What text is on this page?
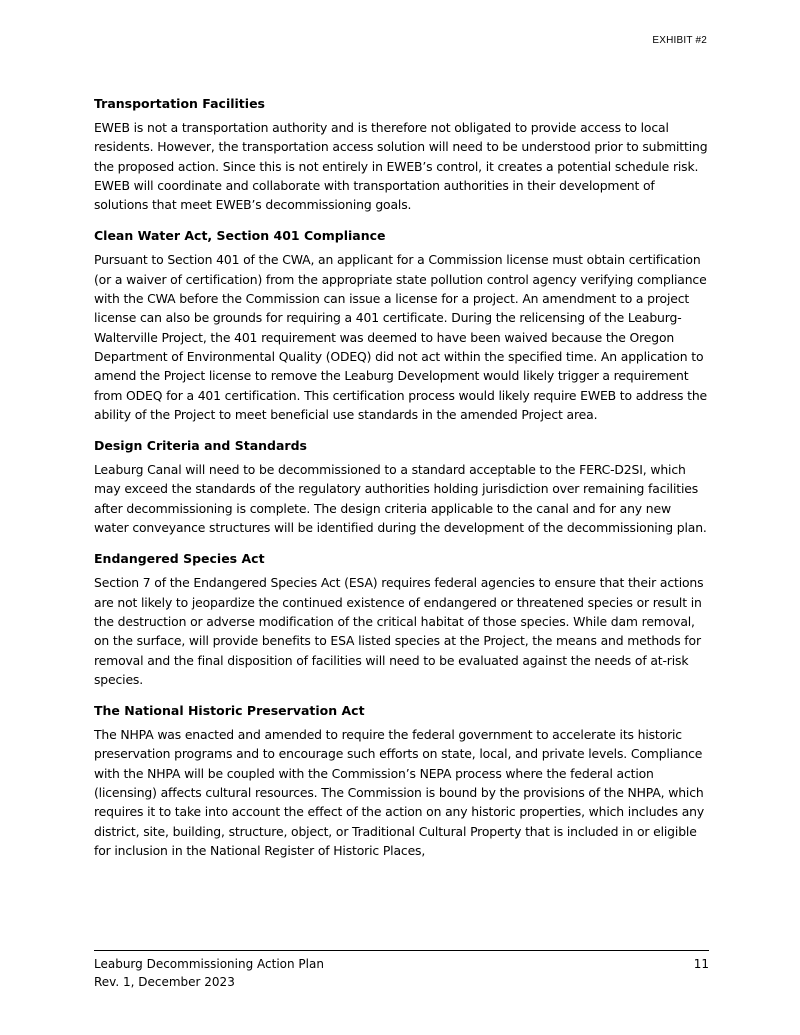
EXHIBIT #2
Transportation Facilities

EWEB is not a transportation authority and is therefore not obligated to provide access to local residents. However, the transportation access solution will need to be understood prior to submitting the proposed action. Since this is not entirely in EWEB’s control, it creates a potential schedule risk. EWEB will coordinate and collaborate with transportation authorities in their development of solutions that meet EWEB’s decommissioning goals.

Clean Water Act, Section 401 Compliance

Pursuant to Section 401 of the CWA, an applicant for a Commission license must obtain certification (or a waiver of certification) from the appropriate state pollution control agency verifying compliance with the CWA before the Commission can issue a license for a project. An amendment to a project license can also be grounds for requiring a 401 certificate. During the relicensing of the Leaburg-Walterville Project, the 401 requirement was deemed to have been waived because the Oregon Department of Environmental Quality (ODEQ) did not act within the specified time. An application to amend the Project license to remove the Leaburg Development would likely trigger a requirement from ODEQ for a 401 certification. This certification process would likely require EWEB to address the ability of the Project to meet beneficial use standards in the amended Project area.

Design Criteria and Standards

Leaburg Canal will need to be decommissioned to a standard acceptable to the FERC-D2SI, which may exceed the standards of the regulatory authorities holding jurisdiction over remaining facilities after decommissioning is complete. The design criteria applicable to the canal and for any new water conveyance structures will be identified during the development of the decommissioning plan.

Endangered Species Act

Section 7 of the Endangered Species Act (ESA) requires federal agencies to ensure that their actions are not likely to jeopardize the continued existence of endangered or threatened species or result in the destruction or adverse modification of the critical habitat of those species. While dam removal, on the surface, will provide benefits to ESA listed species at the Project, the means and methods for removal and the final disposition of facilities will need to be evaluated against the needs of at-risk species.

The National Historic Preservation Act

The NHPA was enacted and amended to require the federal government to accelerate its historic preservation programs and to encourage such efforts on state, local, and private levels. Compliance with the NHPA will be coupled with the Commission’s NEPA process where the federal action (licensing) affects cultural resources. The Commission is bound by the provisions of the NHPA, which requires it to take into account the effect of the action on any historic properties, which includes any district, site, building, structure, object, or Traditional Cultural Property that is included in or eligible for inclusion in the National Register of Historic Places,

Leaburg Decommissioning Action Plan	11
Rev. 1, December 2023
